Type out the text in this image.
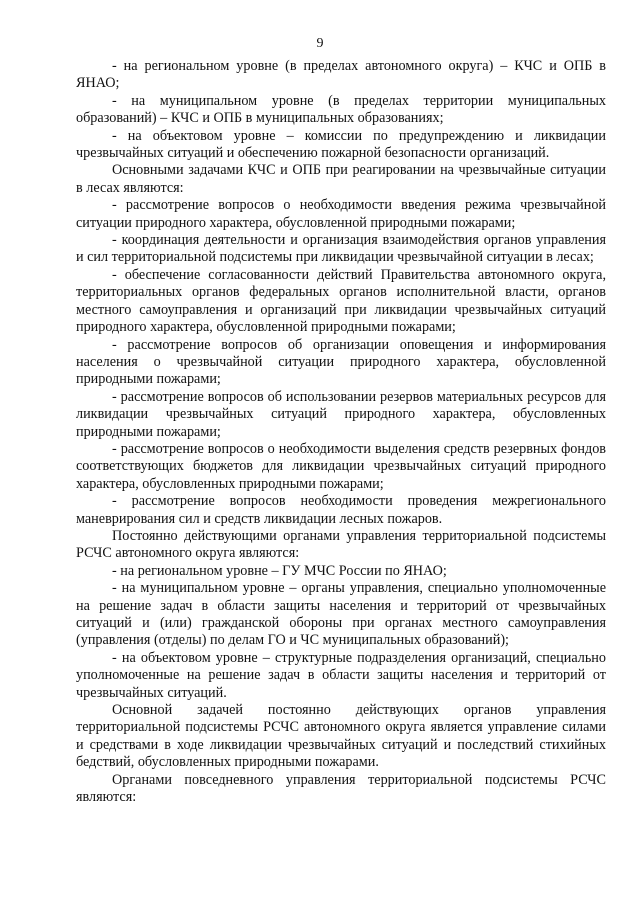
9

- на региональном уровне (в пределах автономного округа) – КЧС и ОПБ в ЯНАО;

- на муниципальном уровне (в пределах территории муниципальных образований) – КЧС и ОПБ в муниципальных образованиях;

- на объектовом уровне – комиссии по предупреждению и ликвидации чрезвычайных ситуаций и обеспечению пожарной безопасности организаций.

Основными задачами КЧС и ОПБ при реагировании на чрезвычайные ситуации в лесах являются:

- рассмотрение вопросов о необходимости введения режима чрезвычайной ситуации природного характера, обусловленной природными пожарами;

- координация деятельности и организация взаимодействия органов управления и сил территориальной подсистемы при ликвидации чрезвычайной ситуации в лесах;

- обеспечение согласованности действий Правительства автономного округа, территориальных органов федеральных органов исполнительной власти, органов местного самоуправления и организаций при ликвидации чрезвычайных ситуаций природного характера, обусловленной природными пожарами;

- рассмотрение вопросов об организации оповещения и информирования населения о чрезвычайной ситуации природного характера, обусловленной природными пожарами;

- рассмотрение вопросов об использовании резервов материальных ресурсов для ликвидации чрезвычайных ситуаций природного характера, обусловленных природными пожарами;

- рассмотрение вопросов о необходимости выделения средств резервных фондов соответствующих бюджетов для ликвидации чрезвычайных ситуаций природного характера, обусловленных природными пожарами;

- рассмотрение вопросов необходимости проведения межрегионального маневрирования сил и средств ликвидации лесных пожаров.

Постоянно действующими органами управления территориальной подсистемы РСЧС автономного округа являются:

- на региональном уровне – ГУ МЧС России по ЯНАО;

- на муниципальном уровне – органы управления, специально уполномоченные на решение задач в области защиты населения и территорий от чрезвычайных ситуаций и (или) гражданской обороны при органах местного самоуправления (управления (отделы) по делам ГО и ЧС муниципальных образований);

- на объектовом уровне – структурные подразделения организаций, специально уполномоченные на решение задач в области защиты населения и территорий от чрезвычайных ситуаций.

Основной задачей постоянно действующих органов управления территориальной подсистемы РСЧС автономного округа является управление силами и средствами в ходе ликвидации чрезвычайных ситуаций и последствий стихийных бедствий, обусловленных природными пожарами.

Органами повседневного управления территориальной подсистемы РСЧС являются:
